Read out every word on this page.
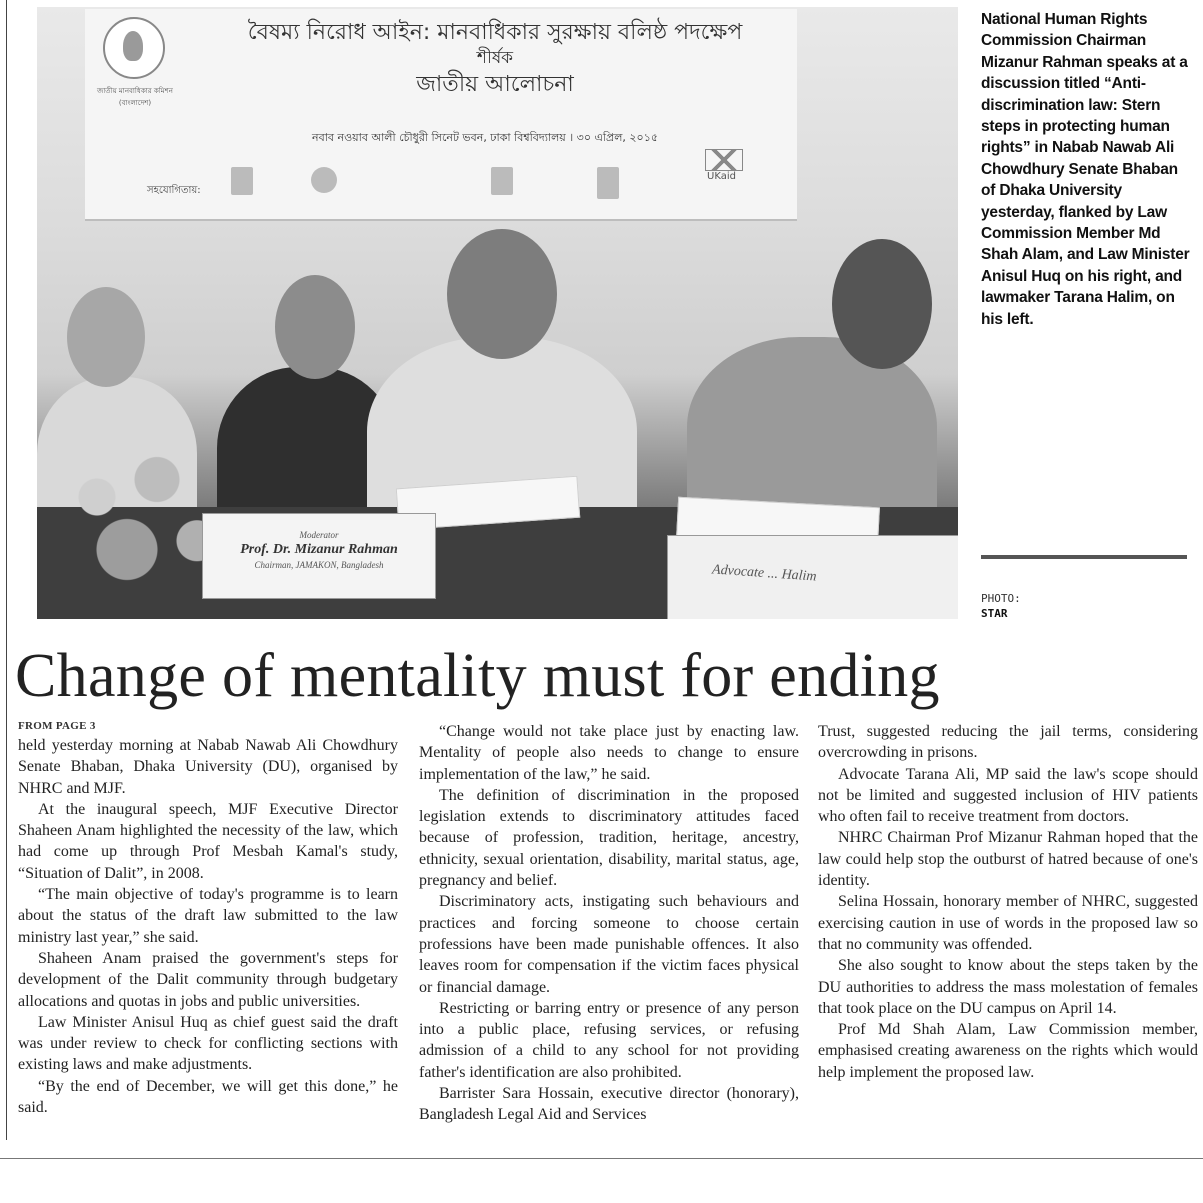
জাতীয় মানবাধিকার কমিশন (বাংলাদেশ)
বৈষম্য নিরোধ আইন: মানবাধিকার সুরক্ষায় বলিষ্ঠ পদক্ষেপ
শীর্ষক
জাতীয় আলোচনা
নবাব নওয়াব আলী চৌধুরী সিনেট ভবন, ঢাকা বিশ্ববিদ্যালয় । ৩০ এপ্রিল, ২০১৫
সহযোগিতায়:
UKaid
Moderator
Prof. Dr. Mizanur Rahman
Chairman, JAMAKON, Bangladesh	Advocate ... Halim
National Human Rights Commission Chairman Mizanur Rahman speaks at a discussion titled “Anti-discrimination law: Stern steps in protecting human rights” in Nabab Nawab Ali Chowdhury Senate Bhaban of Dhaka University yesterday, flanked by Law Commission Member Md Shah Alam, and Law Minister Anisul Huq on his right, and lawmaker Tarana Halim, on his left.
PHOTO:
STAR
Change of mentality must for ending
FROM PAGE 3

held yesterday morning at Nabab Nawab Ali Chowdhury Senate Bhaban, Dhaka University (DU), organised by NHRC and MJF.

At the inaugural speech, MJF Executive Director Shaheen Anam highlighted the necessity of the law, which had come up through Prof Mesbah Kamal's study, “Situation of Dalit”, in 2008.

“The main objective of today's programme is to learn about the status of the draft law submitted to the law ministry last year,” she said.

Shaheen Anam praised the government's steps for development of the Dalit community through budgetary allocations and quotas in jobs and public universities.

Law Minister Anisul Huq as chief guest said the draft was under review to check for conflicting sections with existing laws and make adjustments.

“By the end of December, we will get this done,” he said.

“Change would not take place just by enacting law. Mentality of people also needs to change to ensure implementation of the law,” he said.

The definition of discrimination in the proposed legislation extends to discriminatory attitudes faced because of profession, tradition, heritage, ancestry, ethnicity, sexual orientation, disability, marital status, age, pregnancy and belief.

Discriminatory acts, instigating such behaviours and practices and forcing someone to choose certain professions have been made punishable offences. It also leaves room for compensation if the victim faces physical or financial damage.

Restricting or barring entry or presence of any person into a public place, refusing services, or refusing admission of a child to any school for not providing father's identification are also prohibited.

Barrister Sara Hossain, executive director (honorary), Bangladesh Legal Aid and Services

Trust, suggested reducing the jail terms, considering overcrowding in prisons.

Advocate Tarana Ali, MP said the law's scope should not be limited and suggested inclusion of HIV patients who often fail to receive treatment from doctors.

NHRC Chairman Prof Mizanur Rahman hoped that the law could help stop the outburst of hatred because of one's identity.

Selina Hossain, honorary member of NHRC, suggested exercising caution in use of words in the proposed law so that no community was offended.

She also sought to know about the steps taken by the DU authorities to address the mass molestation of females that took place on the DU campus on April 14.

Prof Md Shah Alam, Law Commission member, emphasised creating awareness on the rights which would help implement the proposed law.
